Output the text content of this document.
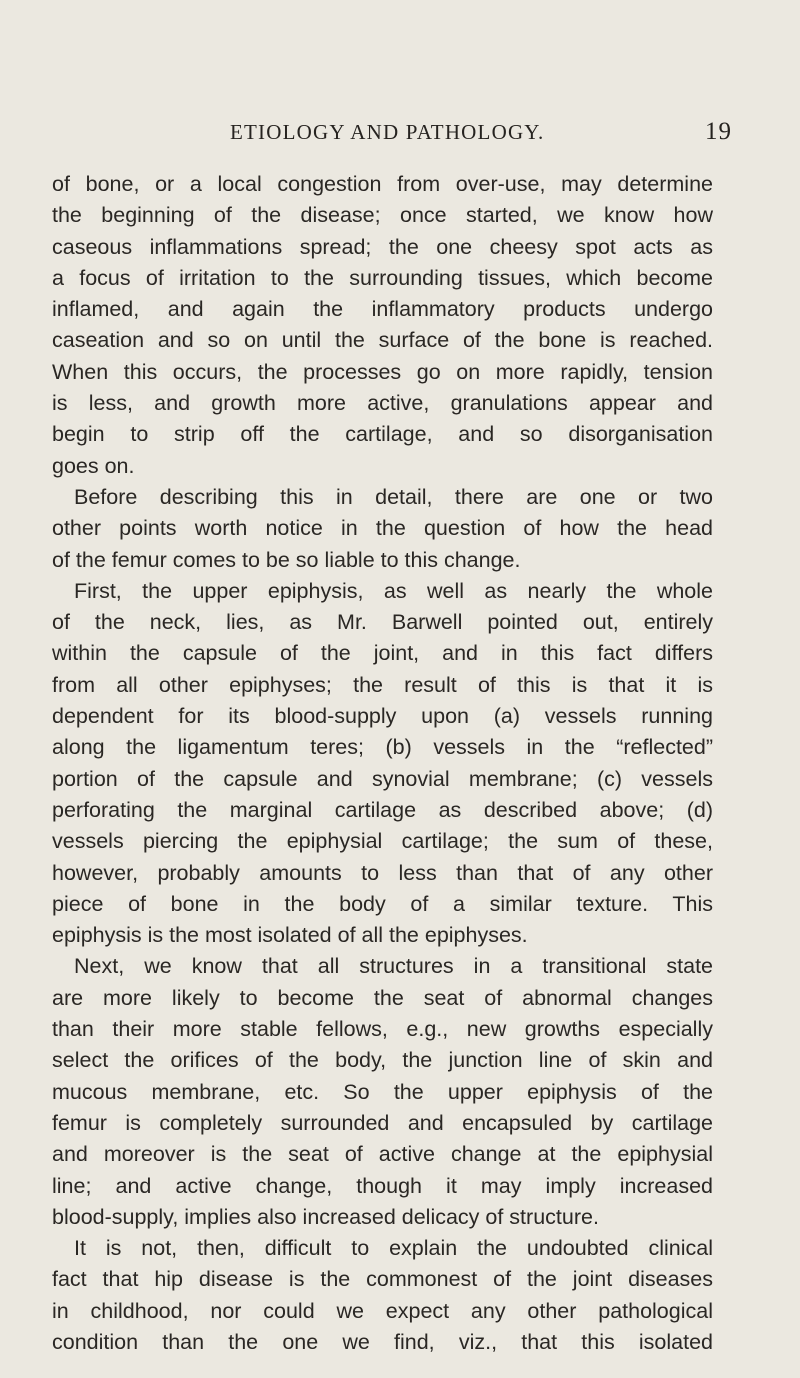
ETIOLOGY AND PATHOLOGY.	19
of bone, or a local congestion from over-use, may determine
the beginning of the disease; once started, we know how
caseous inflammations spread; the one cheesy spot acts as
a focus of irritation to the surrounding tissues, which become
inflamed, and again the inflammatory products undergo
caseation and so on until the surface of the bone is reached.
When this occurs, the processes go on more rapidly, tension
is less, and growth more active, granulations appear and
begin to strip off the cartilage, and so disorganisation
goes on.
Before describing this in detail, there are one or two
other points worth notice in the question of how the head
of the femur comes to be so liable to this change.
First, the upper epiphysis, as well as nearly the whole
of the neck, lies, as Mr. Barwell pointed out, entirely
within the capsule of the joint, and in this fact differs
from all other epiphyses; the result of this is that it is
dependent for its blood-supply upon (a) vessels running
along the ligamentum teres; (b) vessels in the “reflected”
portion of the capsule and synovial membrane; (c) vessels
perforating the marginal cartilage as described above; (d)
vessels piercing the epiphysial cartilage; the sum of these,
however, probably amounts to less than that of any other
piece of bone in the body of a similar texture. This
epiphysis is the most isolated of all the epiphyses.
Next, we know that all structures in a transitional state
are more likely to become the seat of abnormal changes
than their more stable fellows, e.g., new growths especially
select the orifices of the body, the junction line of skin and
mucous membrane, etc. So the upper epiphysis of the
femur is completely surrounded and encapsuled by cartilage
and moreover is the seat of active change at the epiphysial
line; and active change, though it may imply increased
blood-supply, implies also increased delicacy of structure.
It is not, then, difficult to explain the undoubted clinical
fact that hip disease is the commonest of the joint diseases
in childhood, nor could we expect any other pathological
condition than the one we find, viz., that this isolated
